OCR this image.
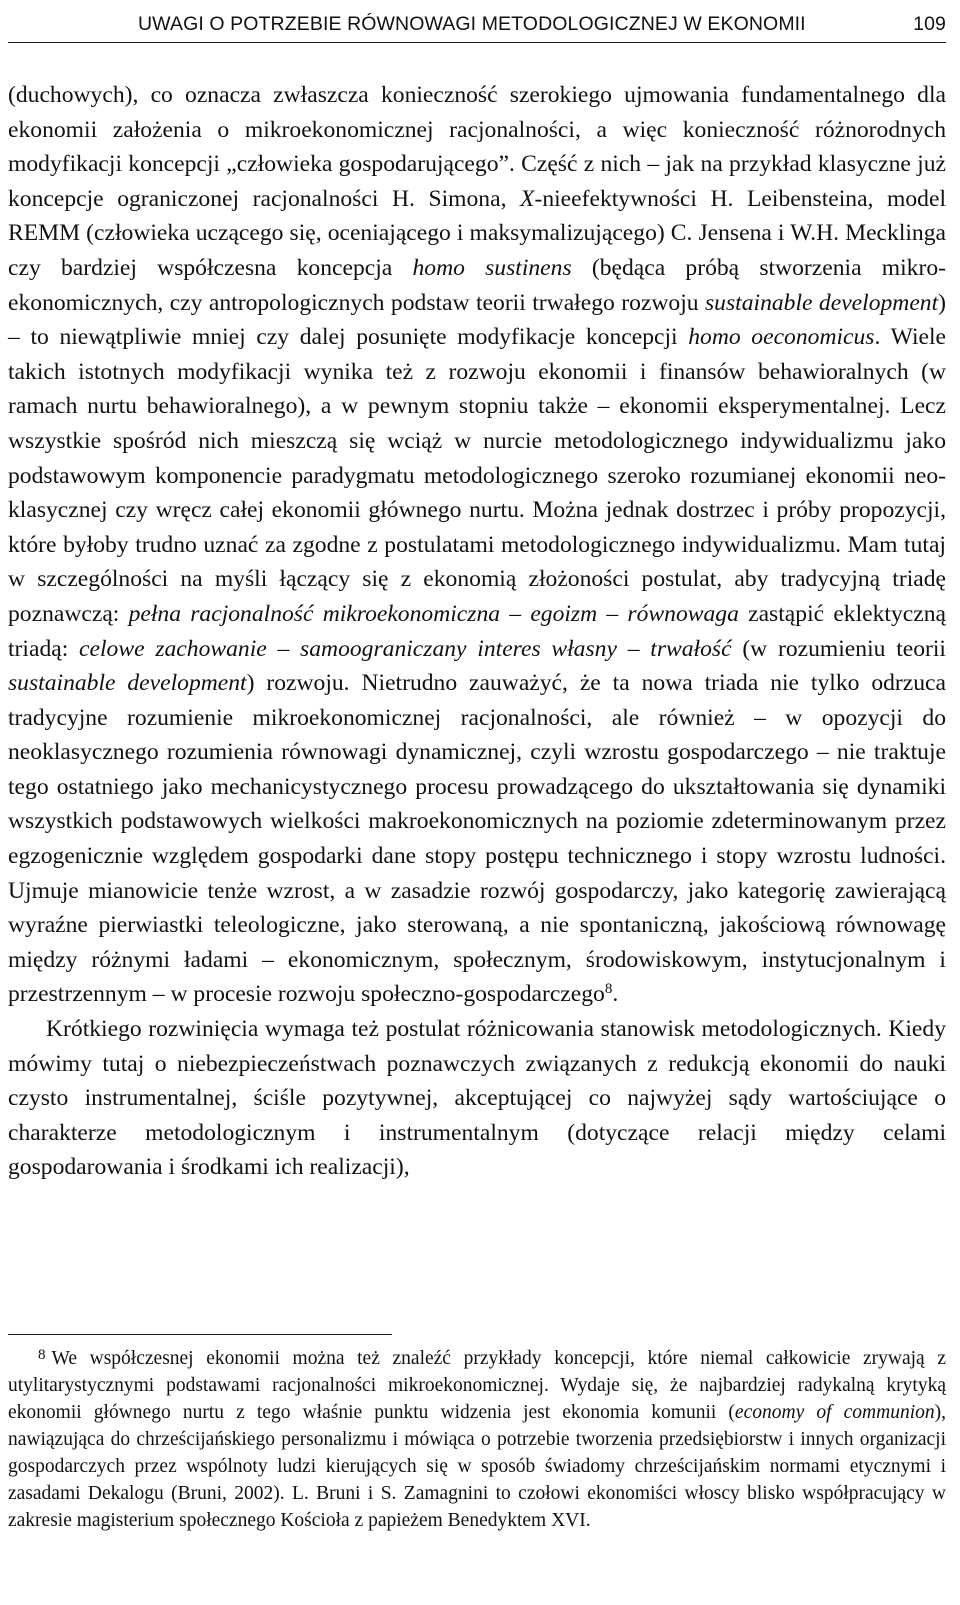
UWAGI O POTRZEBIE RÓWNOWAGI METODOLOGICZNEJ W EKONOMII	109

(duchowych), co oznacza zwłaszcza konieczność szerokiego ujmowania fundamentalnego dla ekonomii założenia o mikroekonomicznej racjonalności, a więc konieczność różnorodnych modyfikacji koncepcji „człowieka gospodarującego”. Część z nich – jak na przykład klasyczne już koncepcje ograniczonej racjonalności H. Simona, X-nieefektywności H. Leibensteina, model REMM (człowieka uczącego się, oceniającego i maksymalizującego) C. Jensena i W.H. Mecklinga czy bardziej współczesna koncepcja homo sustinens (będąca próbą stworzenia mikroekonomicznych, czy antropologicznych podstaw teorii trwałego rozwoju sustainable development) – to niewątpliwie mniej czy dalej posunięte modyfikacje koncepcji homo oeconomicus. Wiele takich istotnych modyfikacji wynika też z rozwoju ekonomii i finansów behawioralnych (w ramach nurtu behawioralnego), a w pewnym stopniu także – ekonomii eksperymentalnej. Lecz wszystkie spośród nich mieszczą się wciąż w nurcie metodologicznego indywidualizmu jako podstawowym komponencie paradygmatu metodologicznego szeroko rozumianej ekonomii neoklasycznej czy wręcz całej ekonomii głównego nurtu. Można jednak dostrzec i próby propozycji, które byłoby trudno uznać za zgodne z postulatami metodologicznego indywidualizmu. Mam tutaj w szczególności na myśli łączący się z ekonomią złożoności postulat, aby tradycyjną triadę poznawczą: pełna racjonalność mikroekonomiczna – egoizm – równowaga zastąpić eklektyczną triadą: celowe zachowanie – samoograniczany interes własny – trwałość (w rozumieniu teorii sustainable development) rozwoju. Nietrudno zauważyć, że ta nowa triada nie tylko odrzuca tradycyjne rozumienie mikroekonomicznej racjonalności, ale również – w opozycji do neoklasycznego rozumienia równowagi dynamicznej, czyli wzrostu gospodarczego – nie traktuje tego ostatniego jako mechanicystycznego procesu prowadzącego do ukształtowania się dynamiki wszystkich podstawowych wielkości makroekonomicznych na poziomie zdeterminowanym przez egzogenicznie względem gospodarki dane stopy postępu technicznego i stopy wzrostu ludności. Ujmuje mianowicie tenże wzrost, a w zasadzie rozwój gospodarczy, jako kategorię zawierającą wyraźne pierwiastki teleologiczne, jako sterowaną, a nie spontaniczną, jakościową równowagę między różnymi ładami – ekonomicznym, społecznym, środowiskowym, instytucjonalnym i przestrzennym – w procesie rozwoju społeczno-gospodarczego$^8$.

Krótkiego rozwinięcia wymaga też postulat różnicowania stanowisk metodologicznych. Kiedy mówimy tutaj o niebezpieczeństwach poznawczych związanych z redukcją ekonomii do nauki czysto instrumentalnej, ściśle pozytywnej, akceptującej co najwyżej sądy wartościujące o charakterze metodologicznym i instrumentalnym (dotyczące relacji między celami gospodarowania i środkami ich realizacji),

$^8$ We współczesnej ekonomii można też znaleźć przykłady koncepcji, które niemal całkowicie zrywają z utylitarystycznymi podstawami racjonalności mikroekonomicznej. Wydaje się, że najbardziej radykalną krytyką ekonomii głównego nurtu z tego właśnie punktu widzenia jest ekonomia komunii (economy of communion), nawiązująca do chrześcijańskiego personalizmu i mówiąca o potrzebie tworzenia przedsiębiorstw i innych organizacji gospodarczych przez wspólnoty ludzi kierujących się w sposób świadomy chrześcijańskim normami etycznymi i zasadami Dekalogu (Bruni, 2002). L. Bruni i S. Zamagnini to czołowi ekonomiści włoscy blisko współpracujący w zakresie magisterium społecznego Kościoła z papieżem Benedyktem XVI.
